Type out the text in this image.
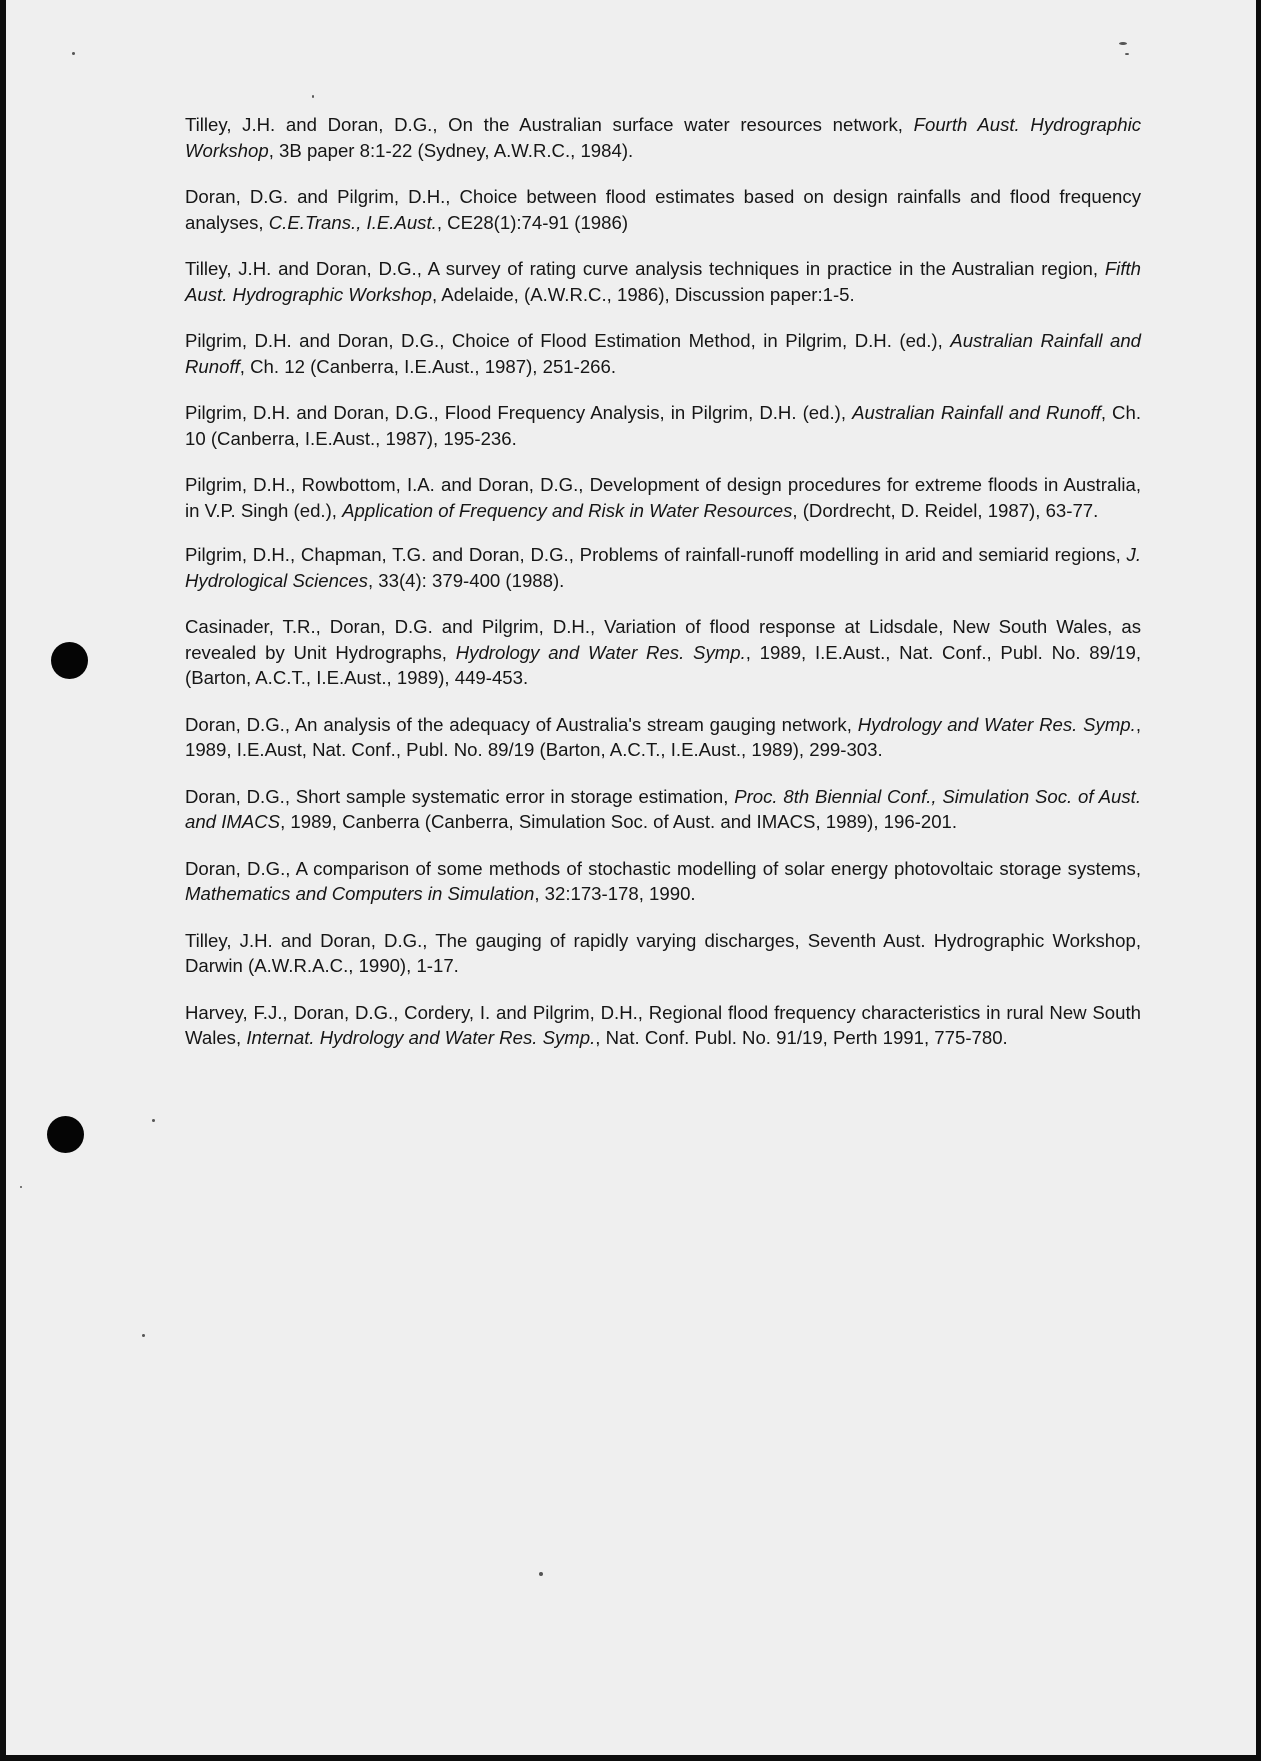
Tilley, J.H. and Doran, D.G., On the Australian surface water resources network, Fourth Aust. Hydrographic Workshop, 3B paper 8:1-22 (Sydney, A.W.R.C., 1984).

Doran, D.G. and Pilgrim, D.H., Choice between flood estimates based on design rainfalls and flood frequency analyses, C.E.Trans., I.E.Aust., CE28(1):74-91 (1986)

Tilley, J.H. and Doran, D.G., A survey of rating curve analysis techniques in practice in the Australian region, Fifth Aust. Hydrographic Workshop, Adelaide, (A.W.R.C., 1986), Discussion paper:1-5.

Pilgrim, D.H. and Doran, D.G., Choice of Flood Estimation Method, in Pilgrim, D.H. (ed.), Australian Rainfall and Runoff, Ch. 12 (Canberra, I.E.Aust., 1987), 251-266.

Pilgrim, D.H. and Doran, D.G., Flood Frequency Analysis, in Pilgrim, D.H. (ed.), Australian Rainfall and Runoff, Ch. 10 (Canberra, I.E.Aust., 1987), 195-236.

Pilgrim, D.H., Rowbottom, I.A. and Doran, D.G., Development of design procedures for extreme floods in Australia, in V.P. Singh (ed.), Application of Frequency and Risk in Water Resources, (Dordrecht, D. Reidel, 1987), 63-77.

Pilgrim, D.H., Chapman, T.G. and Doran, D.G., Problems of rainfall-runoff modelling in arid and semiarid regions, J. Hydrological Sciences, 33(4): 379-400 (1988).

Casinader, T.R., Doran, D.G. and Pilgrim, D.H., Variation of flood response at Lidsdale, New South Wales, as revealed by Unit Hydrographs, Hydrology and Water Res. Symp., 1989, I.E.Aust., Nat. Conf., Publ. No. 89/19, (Barton, A.C.T., I.E.Aust., 1989), 449-453.

Doran, D.G., An analysis of the adequacy of Australia's stream gauging network, Hydrology and Water Res. Symp., 1989, I.E.Aust, Nat. Conf., Publ. No. 89/19 (Barton, A.C.T., I.E.Aust., 1989), 299-303.

Doran, D.G., Short sample systematic error in storage estimation, Proc. 8th Biennial Conf., Simulation Soc. of Aust. and IMACS, 1989, Canberra (Canberra, Simulation Soc. of Aust. and IMACS, 1989), 196-201.

Doran, D.G., A comparison of some methods of stochastic modelling of solar energy photovoltaic storage systems, Mathematics and Computers in Simulation, 32:173-178, 1990.

Tilley, J.H. and Doran, D.G., The gauging of rapidly varying discharges, Seventh Aust. Hydrographic Workshop, Darwin (A.W.R.A.C., 1990), 1-17.

Harvey, F.J., Doran, D.G., Cordery, I. and Pilgrim, D.H., Regional flood frequency characteristics in rural New South Wales, Internat. Hydrology and Water Res. Symp., Nat. Conf. Publ. No. 91/19, Perth 1991, 775-780.
